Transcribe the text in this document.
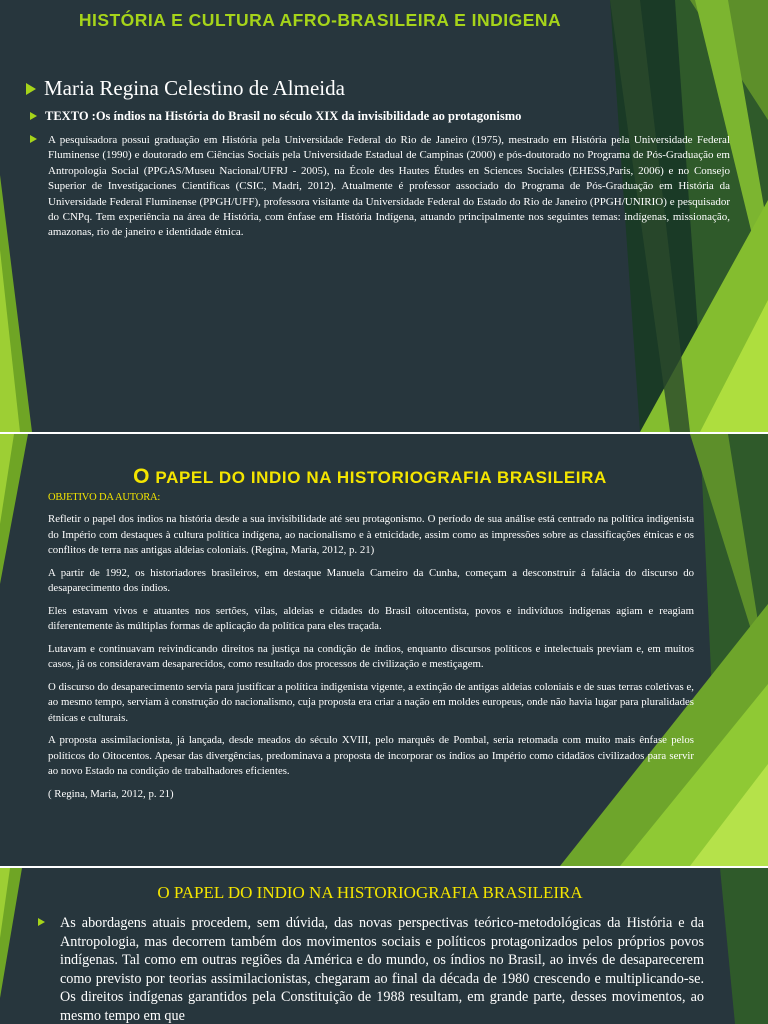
HISTÓRIA E CULTURA AFRO-BRASILEIRA E INDIGENA
Maria Regina Celestino de Almeida
TEXTO :Os índios na História do Brasil no século XIX da invisibilidade ao protagonismo
A pesquisadora possui graduação em História pela Universidade Federal do Rio de Janeiro (1975), mestrado em História pela Universidade Federal Fluminense (1990) e doutorado em Ciências Sociais pela Universidade Estadual de Campinas (2000) e pós-doutorado no Programa de Pós-Graduação em Antropologia Social (PPGAS/Museu Nacional/UFRJ - 2005), na École des Hautes Études en Sciences Sociales (EHESS,Paris, 2006) e no Consejo Superior de Investigaciones Cientificas (CSIC, Madri, 2012). Atualmente é professor associado do Programa de Pós-Graduação em História da Universidade Federal Fluminense (PPGH/UFF), professora visitante da Universidade Federal do Estado do Rio de Janeiro (PPGH/UNIRIO) e pesquisador do CNPq. Tem experiência na área de História, com ênfase em História Indígena, atuando principalmente nos seguintes temas: indígenas, missionação, amazonas, rio de janeiro e identidade étnica.
O PAPEL DO INDIO NA HISTORIOGRAFIA BRASILEIRA
OBJETIVO DA AUTORA:

Refletir o papel dos índios na história desde a sua invisibilidade até seu protagonismo. O período de sua análise está centrado na política indigenista do Império com destaques à cultura política indígena, ao nacionalismo e à etnicidade, assim como as impressões sobre as classificações étnicas e os conflitos de terra nas antigas aldeias coloniais. (Regina, Maria, 2012, p. 21)

A partir de 1992, os historiadores brasileiros, em destaque Manuela Carneiro da Cunha, começam a desconstruir á falácia do discurso do desaparecimento dos índios.

Eles estavam vivos e atuantes nos sertões, vilas, aldeias e cidades do Brasil oitocentista, povos e indivíduos indígenas agiam e reagiam diferentemente às múltiplas formas de aplicação da política para eles traçada.

Lutavam e continuavam reivindicando direitos na justiça na condição de índios, enquanto discursos políticos e intelectuais previam e, em muitos casos, já os consideravam desaparecidos, como resultado dos processos de civilização e mestiçagem.

O discurso do desaparecimento servia para justificar a política indigenista vigente, a extinção de antigas aldeias coloniais e de suas terras coletivas e, ao mesmo tempo, serviam à construção do nacionalismo, cuja proposta era criar a nação em moldes europeus, onde não havia lugar para pluralidades étnicas e culturais.

A proposta assimilacionista, já lançada, desde meados do século XVIII, pelo marquês de Pombal, seria retomada com muito mais ênfase pelos políticos do Oitocentos. Apesar das divergências, predominava a proposta de incorporar os índios ao Império como cidadãos civilizados para servir ao novo Estado na condição de trabalhadores eficientes.

( Regina, Maria, 2012, p. 21)

O PAPEL DO INDIO NA HISTORIOGRAFIA BRASILEIRA
As abordagens atuais procedem, sem dúvida, das novas perspectivas teórico-metodológicas da História e da Antropologia, mas decorrem também dos movimentos sociais e políticos protagonizados pelos próprios povos indígenas. Tal como em outras regiões da América e do mundo, os índios no Brasil, ao invés de desaparecerem como previsto por teorias assimilacionistas, chegaram ao final da década de 1980 crescendo e multiplicando-se. Os direitos indígenas garantidos pela Constituição de 1988 resultam, em grande parte, desses movimentos, ao mesmo tempo em que
